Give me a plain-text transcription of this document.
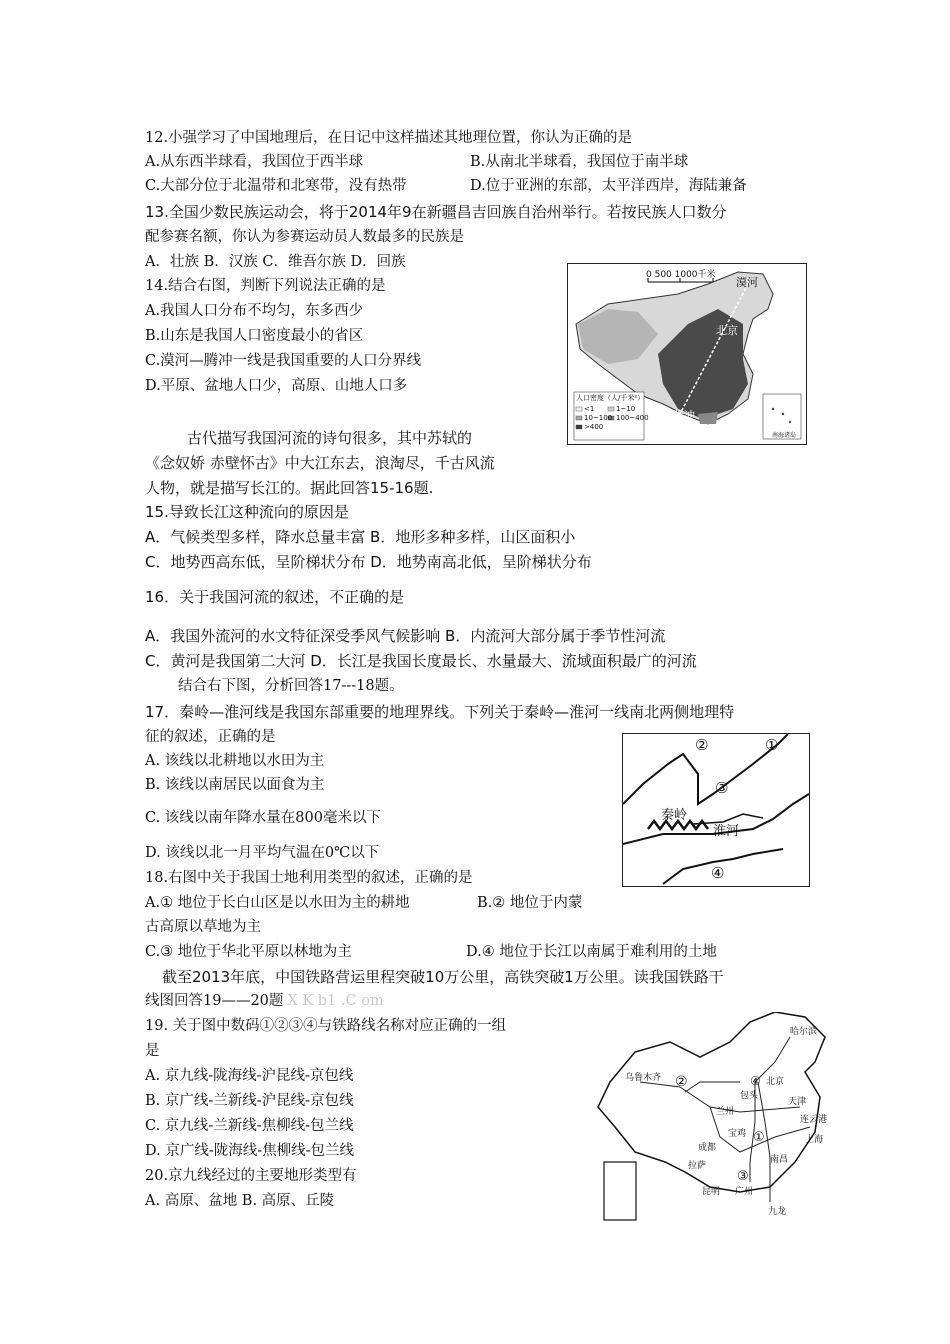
12.小强学习了中国地理后，在日记中这样描述其地理位置，你认为正确的是
A.从东西半球看，我国位于西半球	B.从南北半球看，我国位于南半球
C.大部分位于北温带和北寒带，没有热带	D.位于亚洲的东部，太平洋西岸，海陆兼备
13.全国少数民族运动会，将于2014年9在新疆昌吉回族自治州举行。若按民族人口数分
配参赛名额，你认为参赛运动员人数最多的民族是
A．壮族 B．汉族 C．维吾尔族 D．回族
14.结合右图，判断下列说法正确的是
A.我国人口分布不均匀，东多西少
B.山东是我国人口密度最小的省区
C.漠河—腾冲一线是我国重要的人口分界线
D.平原、盆地人口少，高原、山地人口多
0 500 1000千米
漠河
北京
腾冲
人口密度（人/千米²）
<1	1~10
10~100 100~400
>400
南海诸岛
古代描写我国河流的诗句很多，其中苏轼的
《念奴娇 赤壁怀古》中大江东去，浪淘尽，千古风流
人物，就是描写长江的。据此回答15-16题.
15.导致长江这种流向的原因是
A．气候类型多样，降水总量丰富 B．地形多种多样，山区面积小
C．地势西高东低，呈阶梯状分布 D．地势南高北低，呈阶梯状分布
16．关于我国河流的叙述，不正确的是
A．我国外流河的水文特征深受季风气候影响 B．内流河大部分属于季节性河流
C．黄河是我国第二大河 D．长江是我国长度最长、水量最大、流域面积最广的河流
结合右下图，分析回答17---18题。
17．秦岭—淮河线是我国东部重要的地理界线。下列关于秦岭—淮河一线南北两侧地理特
征的叙述，正确的是
A. 该线以北耕地以水田为主
B. 该线以南居民以面食为主
C. 该线以南年降水量在800毫米以下
D. 该线以北一月平均气温在0℃以下
②	①
③
④
秦岭
淮河
18.右图中关于我国土地利用类型的叙述，正确的是
A.① 地位于长白山区是以水田为主的耕地	B.② 地位于内蒙
古高原以草地为主
C.③ 地位于华北平原以林地为主	D.④ 地位于长江以南属于难利用的土地
截至2013年底，中国铁路营运里程突破10万公里，高铁突破1万公里。读我国铁路干
线图回答19——20题 X K b1 .C om
19. 关于图中数码①②③④与铁路线名称对应正确的一组
是
A. 京九线-陇海线-沪昆线-京包线
B. 京广线-兰新线-沪昆线-京包线
C. 京九线-兰新线-焦柳线-包兰线
D. 京广线-陇海线-焦柳线-包兰线
20.京九线经过的主要地形类型有
A. 高原、盆地 B. 高原、丘陵
哈尔滨
乌鲁木齐 ②	④ 北京
包头
天津
兰州
连云港
宝鸡 ①	上海
成都
南昌
拉萨
③
昆明 广州
九龙
